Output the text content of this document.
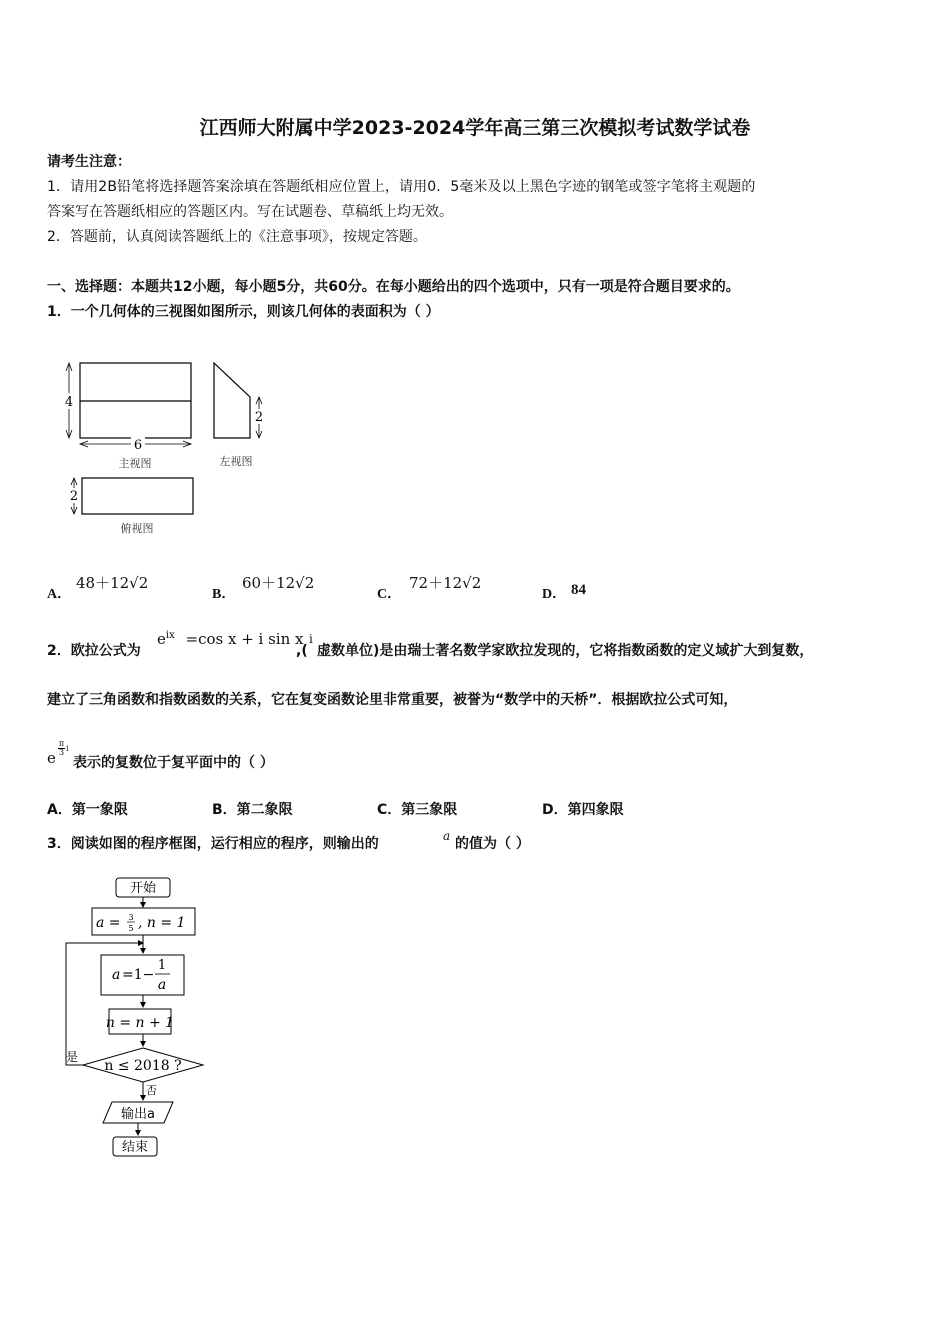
江西师大附属中学2023-2024学年高三第三次模拟考试数学试卷
请考生注意：
1．请用2B铅笔将选择题答案涂填在答题纸相应位置上，请用0．5毫米及以上黑色字迹的钢笔或签字笔将主观题的
答案写在答题纸相应的答题区内。写在试题卷、草稿纸上均无效。
2．答题前，认真阅读答题纸上的《注意事项》，按规定答题。
一、选择题：本题共12小题，每小题5分，共60分。在每小题给出的四个选项中，只有一项是符合题目要求的。
1．一个几何体的三视图如图所示，则该几何体的表面积为（ ）
4
6
主视图
2
左视图
2
俯视图
A．
48＋12√2
B．
60＋12√2
C．
72＋12√2
D． 84
2．欧拉公式为
$e^{ix} =\cos$ x + i sin x
,(
i
虚数单位)是由瑞士著名数学家欧拉发现的，它将指数函数的定义域扩大到复数，
建立了三角函数和指数函数的关系，它在复变函数论里非常重要，被誉为“数学中的天桥”．根据欧拉公式可知，
e
$\frac{\pi}{3}$ i
表示的复数位于复平面中的（ ）
A．第一象限	B．第二象限	C．第三象限	D．第四象限
3．阅读如图的程序框图，运行相应的程序，则输出的	a 的值为（ ）
开始
a = 3
5 , n = 1
a =1−
1
a
n = n + 1
n ≤ 2018 ?
是
否
输出a
结束
